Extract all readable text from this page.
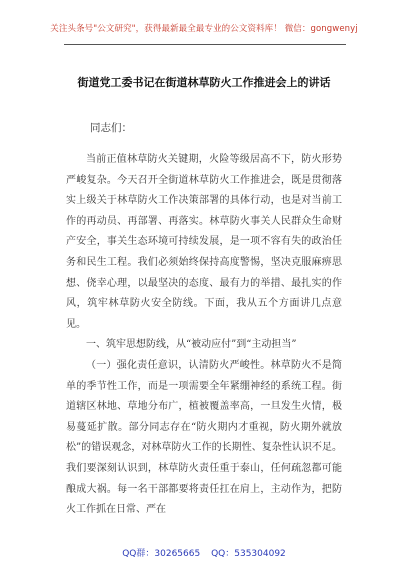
关注头条号"公文研究"，获得最新最全最专业的公文资料库！ 微信：gongwenyj
街道党工委书记在街道林草防火工作推进会上的讲话
同志们：

当前正值林草防火关键期，火险等级居高不下，防火形势严峻复杂。今天召开全街道林草防火工作推进会，既是贯彻落实上级关于林草防火工作决策部署的具体行动，也是对当前工作的再动员、再部署、再落实。林草防火事关人民群众生命财产安全，事关生态环境可持续发展，是一项不容有失的政治任务和民生工程。我们必须始终保持高度警惕，坚决克服麻痹思想、侥幸心理，以最坚决的态度、最有力的举措、最扎实的作风，筑牢林草防火安全防线。下面，我从五个方面讲几点意见。

一、筑牢思想防线，从“被动应付”到“主动担当”

（一）强化责任意识，认清防火严峻性。林草防火不是简单的季节性工作，而是一项需要全年紧绷神经的系统工程。街道辖区林地、草地分布广，植被覆盖率高，一旦发生火情，极易蔓延扩散。部分同志存在“防火期内才重视，防火期外就放松”的错误观念，对林草防火工作的长期性、复杂性认识不足。我们要深刻认识到，林草防火责任重于泰山，任何疏忽都可能酿成大祸。每一名干部都要将责任扛在肩上，主动作为，把防火工作抓在日常、严在

QQ群：30265665 QQ：535304092
